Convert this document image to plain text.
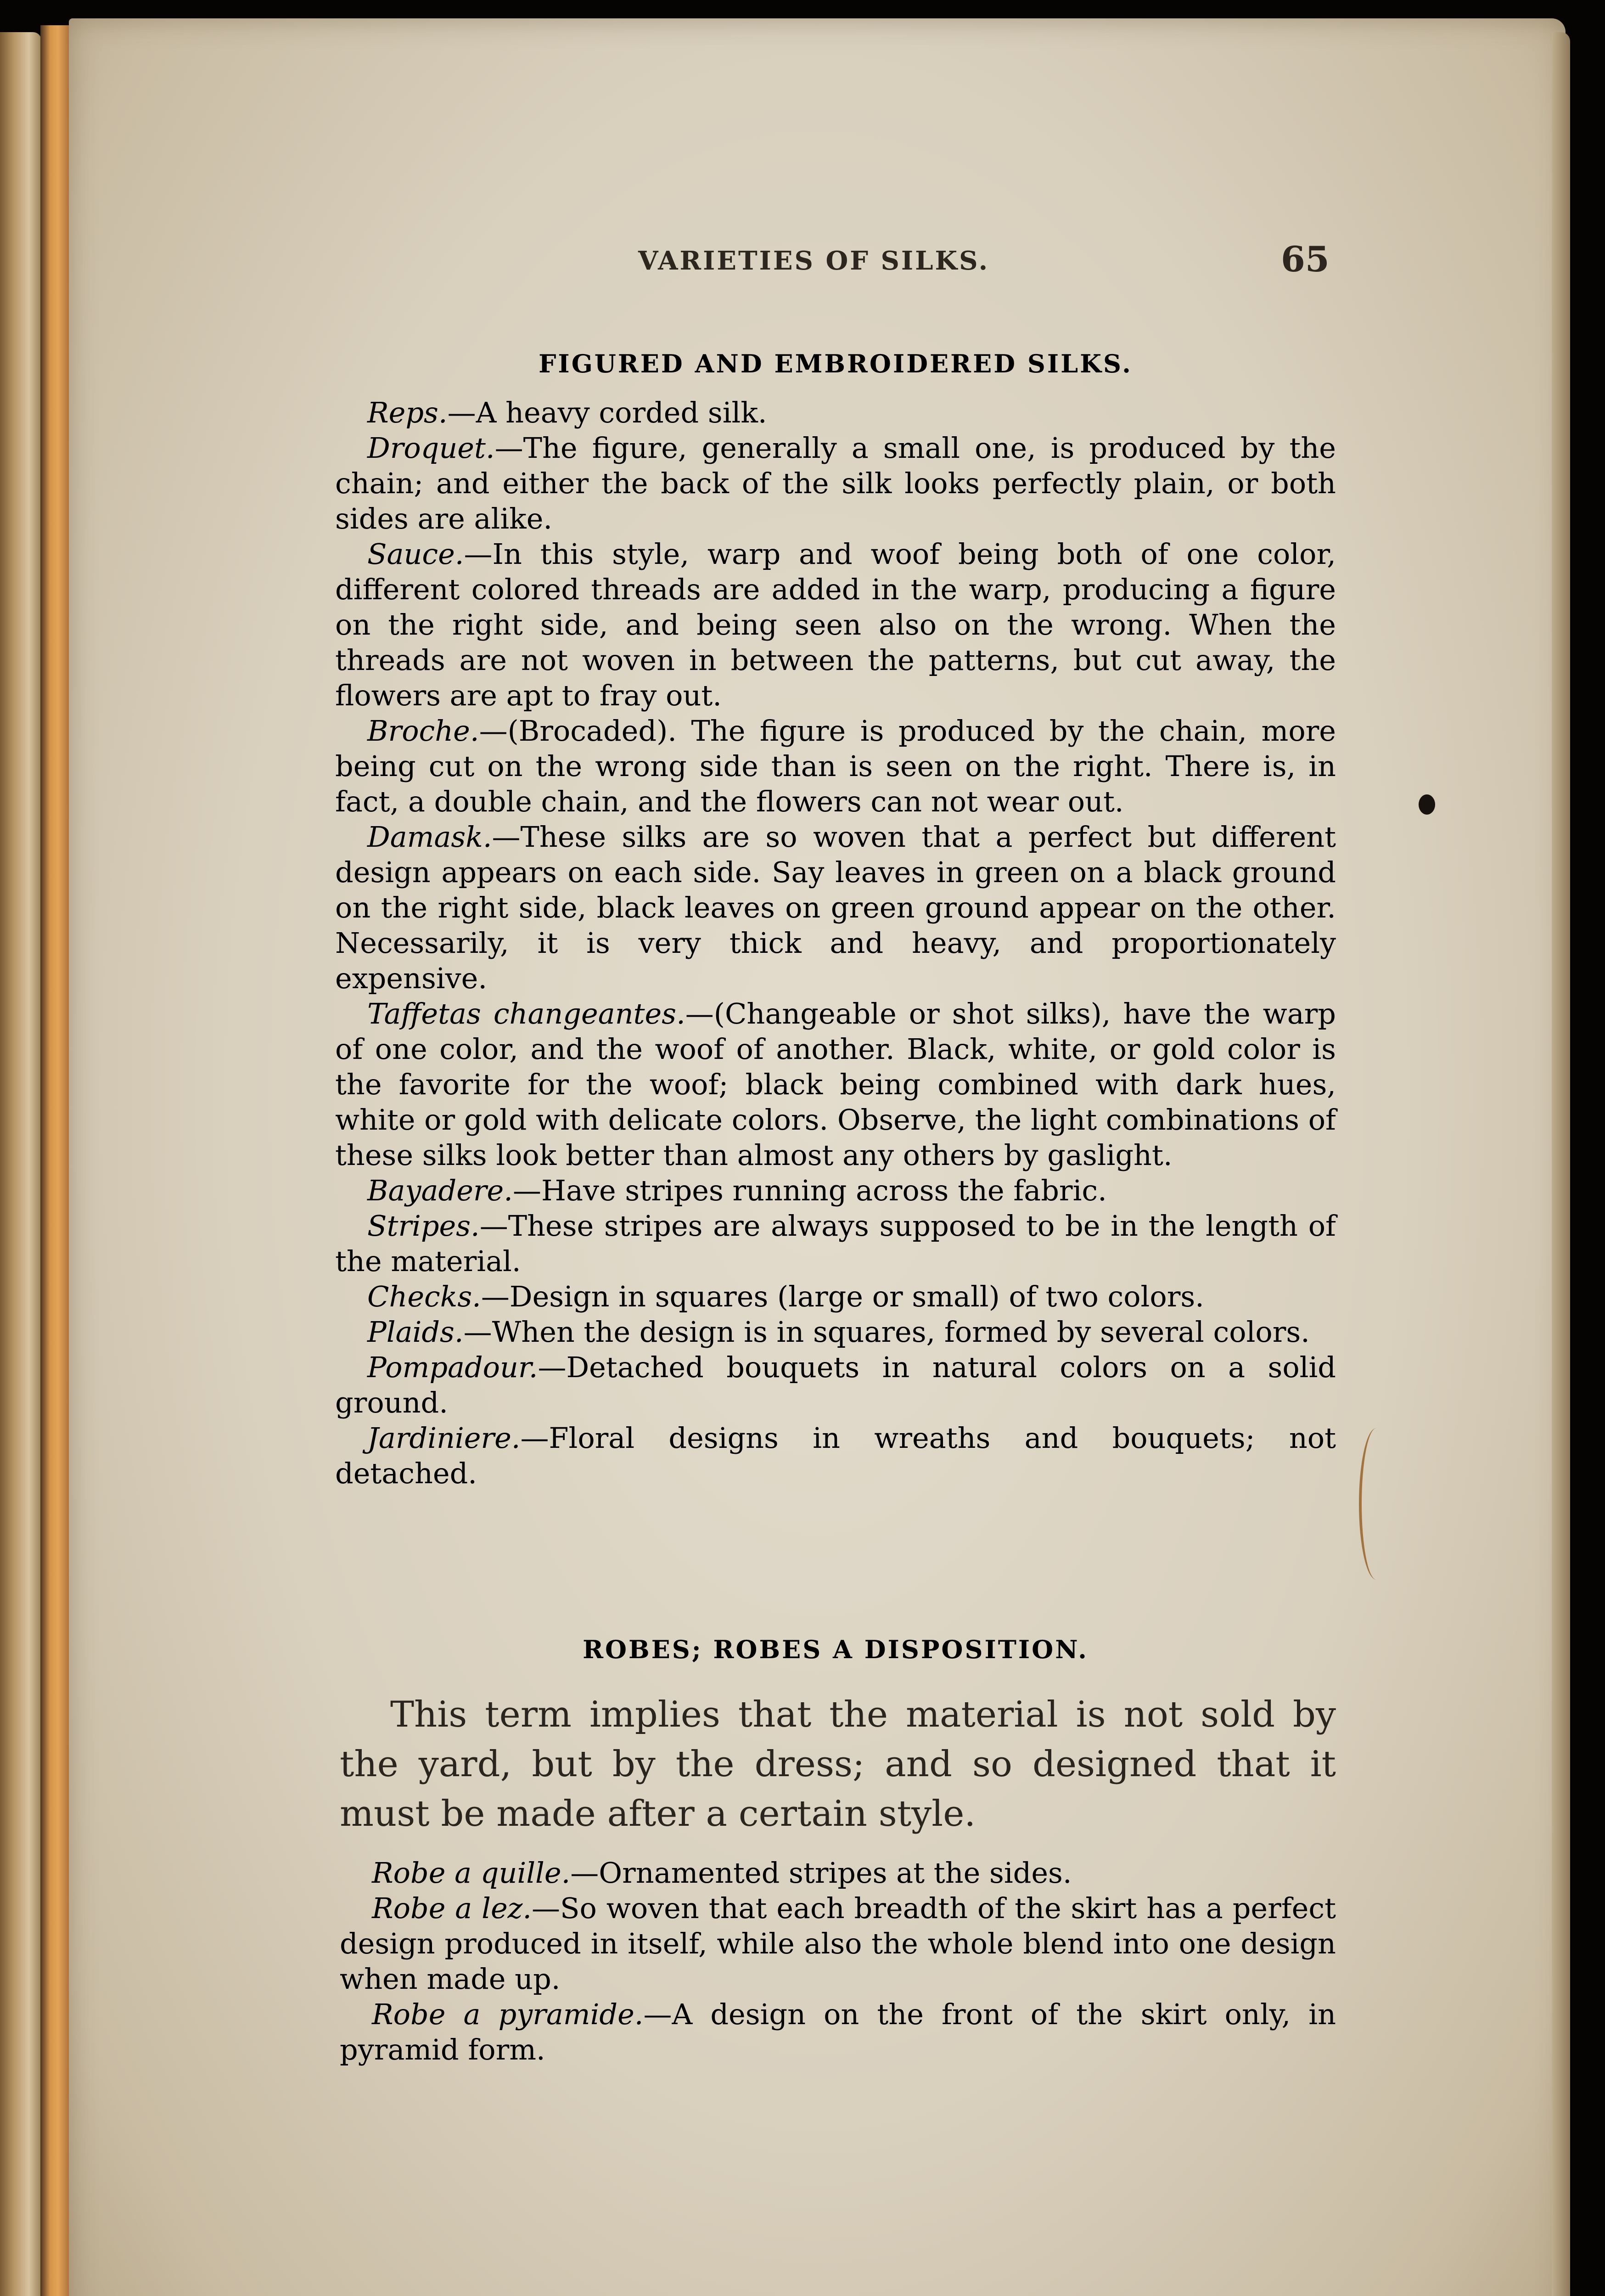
VARIETIES OF SILKS.	65

FIGURED AND EMBROIDERED SILKS.

Reps.—A heavy corded silk.

Droquet.—The figure, generally a small one, is produced by the chain; and either the back of the silk looks perfectly plain, or both sides are alike.

Sauce.—In this style, warp and woof being both of one color, different colored threads are added in the warp, producing a figure on the right side, and being seen also on the wrong. When the threads are not woven in between the patterns, but cut away, the flowers are apt to fray out.

Broche.—(Brocaded). The figure is produced by the chain, more being cut on the wrong side than is seen on the right. There is, in fact, a double chain, and the flowers can not wear out.

Damask.—These silks are so woven that a perfect but different design appears on each side. Say leaves in green on a black ground on the right side, black leaves on green ground appear on the other. Necessarily, it is very thick and heavy, and proportionately expensive.

Taffetas changeantes.—(Changeable or shot silks), have the warp of one color, and the woof of another. Black, white, or gold color is the favorite for the woof; black being combined with dark hues, white or gold with delicate colors. Observe, the light combinations of these silks look better than almost any others by gaslight.

Bayadere.—Have stripes running across the fabric.

Stripes.—These stripes are always supposed to be in the length of the material.

Checks.—Design in squares (large or small) of two colors.

Plaids.—When the design is in squares, formed by several colors.

Pompadour.—Detached bouquets in natural colors on a solid ground.

Jardiniere.—Floral designs in wreaths and bouquets; not detached.

ROBES; ROBES A DISPOSITION.

This term implies that the material is not sold by the yard, but by the dress; and so designed that it must be made after a certain style.

Robe a quille.—Ornamented stripes at the sides.

Robe a lez.—So woven that each breadth of the skirt has a perfect design produced in itself, while also the whole blend into one design when made up.

Robe a pyramide.—A design on the front of the skirt only, in pyramid form.
